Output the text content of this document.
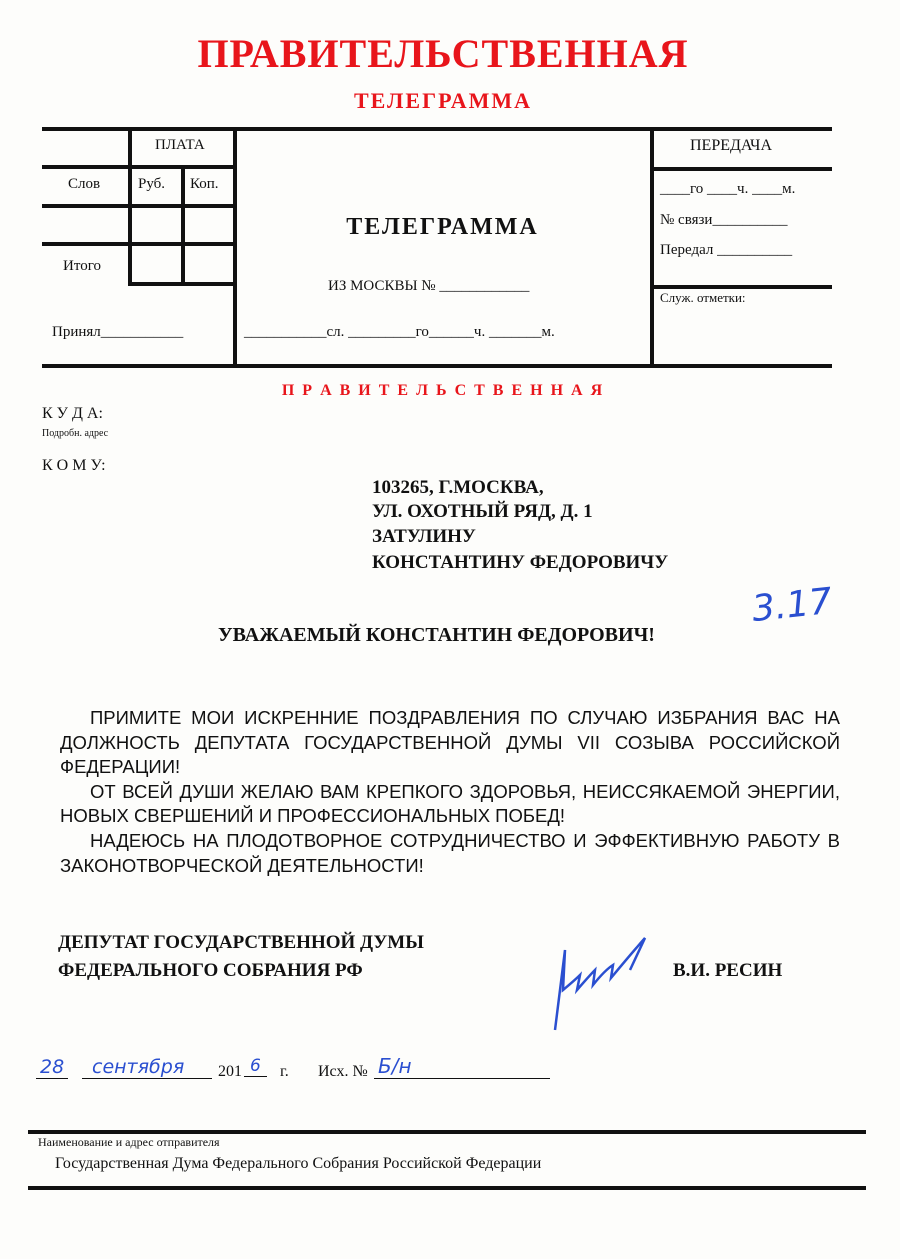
ПРАВИТЕЛЬСТВЕННАЯ
ТЕЛЕГРАММА
ПЛАТА
Слов	Руб. Коп.
Итого
Принял___________
ТЕЛЕГРАММА
ИЗ МОСКВЫ № ____________
___________сл. _________го______ч. _______м.
ПЕРЕДАЧА
____го ____ч. ____м.
№ связи__________
Передал __________
Служ. отметки:
П Р А В И Т Е Л Ь С Т В Е Н Н А Я
К У Д А:
Подробн. адрес
К О М У:
103265, Г.МОСКВА,
УЛ. ОХОТНЫЙ РЯД, Д. 1
ЗАТУЛИНУ
КОНСТАНТИНУ ФЕДОРОВИЧУ
3.17
УВАЖАЕМЫЙ КОНСТАНТИН ФЕДОРОВИЧ!

ПРИМИТЕ МОИ ИСКРЕННИЕ ПОЗДРАВЛЕНИЯ ПО СЛУЧАЮ ИЗБРАНИЯ ВАС НА ДОЛЖНОСТЬ ДЕПУТАТА ГОСУДАРСТВЕННОЙ ДУМЫ VII СОЗЫВА РОССИЙСКОЙ ФЕДЕРАЦИИ!

ОТ ВСЕЙ ДУШИ ЖЕЛАЮ ВАМ КРЕПКОГО ЗДОРОВЬЯ, НЕИССЯКАЕМОЙ ЭНЕРГИИ, НОВЫХ СВЕРШЕНИЙ И ПРОФЕССИОНАЛЬНЫХ ПОБЕД!

НАДЕЮСЬ НА ПЛОДОТВОРНОЕ СОТРУДНИЧЕСТВО И ЭФФЕКТИВНУЮ РАБОТУ В ЗАКОНОТВОРЧЕСКОЙ ДЕЯТЕЛЬНОСТИ!

ДЕПУТАТ ГОСУДАРСТВЕННОЙ ДУМЫ
ФЕДЕРАЛЬНОГО СОБРАНИЯ РФ	В.И. РЕСИН
28	сентября	201 6	г. Исх. № Б/н
Наименование и адрес отправителя
Государственная Дума Федерального Собрания Российской Федерации
